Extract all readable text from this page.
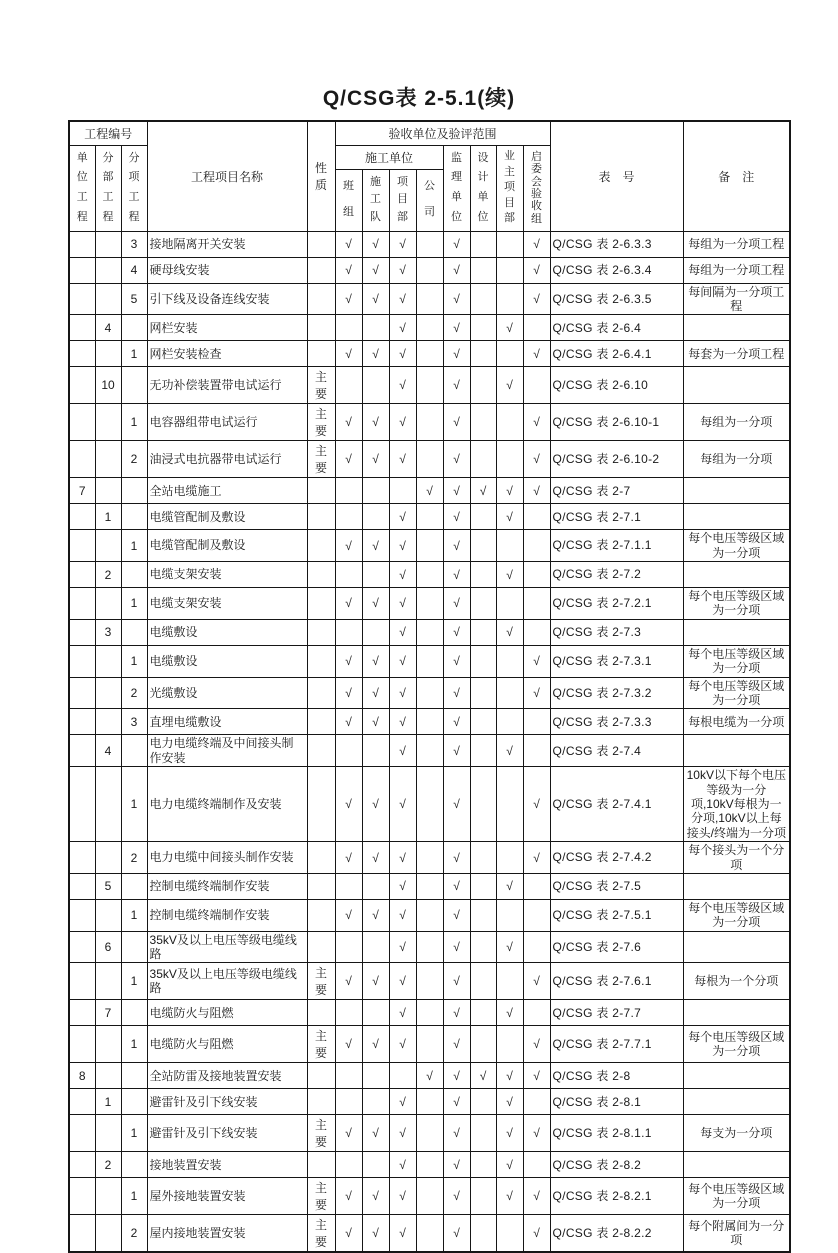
Q/CSG表 2-5.1(续)
工程编号			工程项目名称	性质	验收单位及验评范围								表　号	备　注
单位工程	分部工程	分项工程			施工单位				监理单位	设计单位	业主项目部	启委会验收组		
					班组	施工队	项目部	公司						
		3	接地隔离开关安装		√	√	√		√			√	Q/CSG 表 2-6.3.3	每组为一分项工程
		4	硬母线安装		√	√	√		√			√	Q/CSG 表 2-6.3.4	每组为一分项工程
		5	引下线及设备连线安装		√	√	√		√			√	Q/CSG 表 2-6.3.5	每间隔为一分项工程
	4		网栏安装				√		√		√		Q/CSG 表 2-6.4	
		1	网栏安装检查		√	√	√		√			√	Q/CSG 表 2-6.4.1	每套为一分项工程
	10		无功补偿装置带电试运行	主要			√		√		√		Q/CSG 表 2-6.10	
		1	电容器组带电试运行	主要	√	√	√		√			√	Q/CSG 表 2-6.10-1	每组为一分项
		2	油浸式电抗器带电试运行	主要	√	√	√		√			√	Q/CSG 表 2-6.10-2	每组为一分项
7			全站电缆施工					√	√	√	√	√	Q/CSG 表 2-7	
	1		电缆管配制及敷设				√		√		√		Q/CSG 表 2-7.1	
		1	电缆管配制及敷设		√	√	√		√				Q/CSG 表 2-7.1.1	每个电压等级区域为一分项
	2		电缆支架安装				√		√		√		Q/CSG 表 2-7.2	
		1	电缆支架安装		√	√	√		√				Q/CSG 表 2-7.2.1	每个电压等级区域为一分项
	3		电缆敷设				√		√		√		Q/CSG 表 2-7.3	
		1	电缆敷设		√	√	√		√			√	Q/CSG 表 2-7.3.1	每个电压等级区域为一分项
		2	光缆敷设		√	√	√		√			√	Q/CSG 表 2-7.3.2	每个电压等级区域为一分项
		3	直埋电缆敷设		√	√	√		√				Q/CSG 表 2-7.3.3	每根电缆为一分项
	4		电力电缆终端及中间接头制作安装				√		√		√		Q/CSG 表 2-7.4	
		1	电力电缆终端制作及安装		√	√	√		√			√	Q/CSG 表 2-7.4.1	10kV以下每个电压等级为一分项,10kV每根为一分项,10kV以上每接头/终端为一分项
		2	电力电缆中间接头制作安装		√	√	√		√			√	Q/CSG 表 2-7.4.2	每个接头为一个分项
	5		控制电缆终端制作安装				√		√		√		Q/CSG 表 2-7.5	
		1	控制电缆终端制作安装		√	√	√		√				Q/CSG 表 2-7.5.1	每个电压等级区域为一分项
	6		35kV及以上电压等级电缆线路				√		√		√		Q/CSG 表 2-7.6	
		1	35kV及以上电压等级电缆线路	主要	√	√	√		√			√	Q/CSG 表 2-7.6.1	每根为一个分项
	7		电缆防火与阻燃				√		√		√		Q/CSG 表 2-7.7	
		1	电缆防火与阻燃	主要	√	√	√		√			√	Q/CSG 表 2-7.7.1	每个电压等级区域为一分项
8			全站防雷及接地装置安装					√	√	√	√	√	Q/CSG 表 2-8	
	1		避雷针及引下线安装				√		√		√		Q/CSG 表 2-8.1	
		1	避雷针及引下线安装	主要	√	√	√		√		√	√	Q/CSG 表 2-8.1.1	每支为一分项
	2		接地装置安装				√		√		√		Q/CSG 表 2-8.2	
		1	屋外接地装置安装	主要	√	√	√		√		√	√	Q/CSG 表 2-8.2.1	每个电压等级区域为一分项
		2	屋内接地装置安装	主要	√	√	√		√			√	Q/CSG 表 2-8.2.2	每个附属间为一分项
